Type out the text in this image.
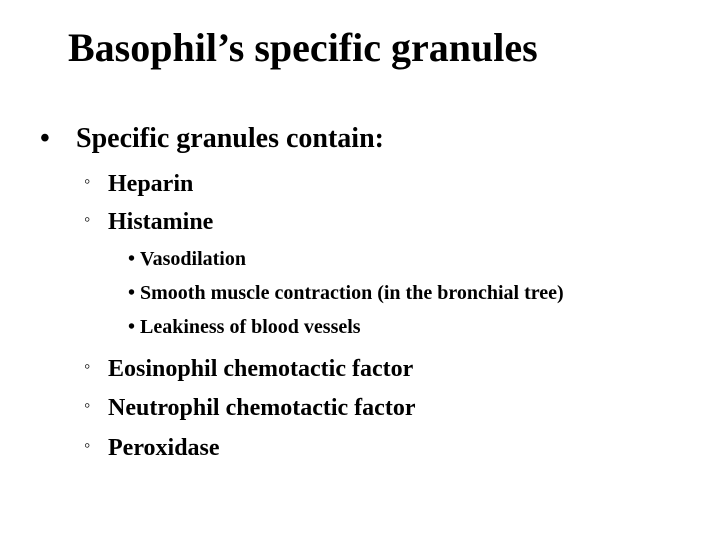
Basophil’s specific granules
• Specific granules contain:
◦ Heparin
◦ Histamine
• Vasodilation
• Smooth muscle contraction (in the bronchial tree)
• Leakiness of blood vessels
◦ Eosinophil chemotactic factor
◦ Neutrophil chemotactic factor
◦ Peroxidase
